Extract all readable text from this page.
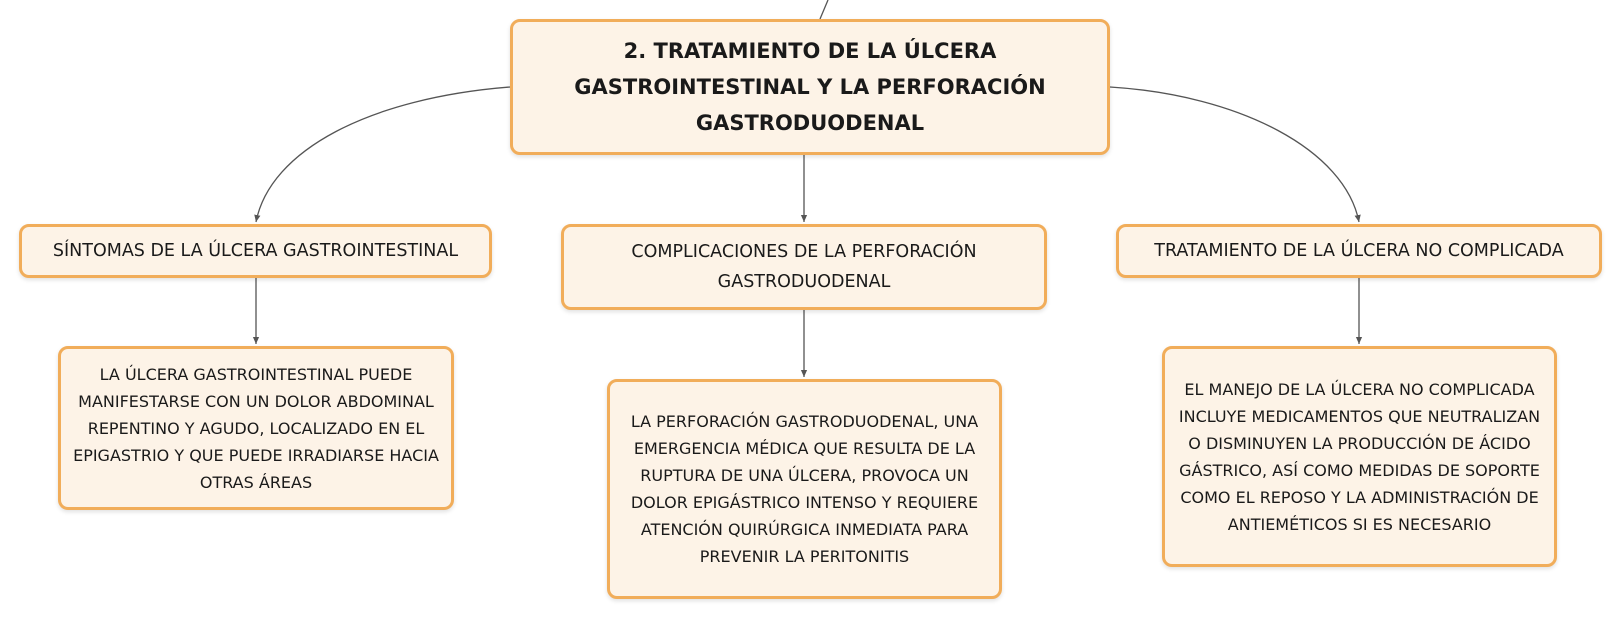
2. TRATAMIENTO DE LA ÚLCERA GASTROINTESTINAL Y LA PERFORACIÓN GASTRODUODENAL
SÍNTOMAS DE LA ÚLCERA GASTROINTESTINAL	COMPLICACIONES DE LA PERFORACIÓN GASTRODUODENAL
TRATAMIENTO DE LA ÚLCERA NO COMPLICADA
LA ÚLCERA GASTROINTESTINAL PUEDE MANIFESTARSE CON UN DOLOR ABDOMINAL REPENTINO Y AGUDO, LOCALIZADO EN EL EPIGASTRIO Y QUE PUEDE IRRADIARSE HACIA OTRAS ÁREAS
LA PERFORACIÓN GASTRODUODENAL, UNA EMERGENCIA MÉDICA QUE RESULTA DE LA RUPTURA DE UNA ÚLCERA, PROVOCA UN DOLOR EPIGÁSTRICO INTENSO Y REQUIERE ATENCIÓN QUIRÚRGICA INMEDIATA PARA PREVENIR LA PERITONITIS
EL MANEJO DE LA ÚLCERA NO COMPLICADA INCLUYE MEDICAMENTOS QUE NEUTRALIZAN O DISMINUYEN LA PRODUCCIÓN DE ÁCIDO GÁSTRICO, ASÍ COMO MEDIDAS DE SOPORTE COMO EL REPOSO Y LA ADMINISTRACIÓN DE ANTIEMÉTICOS SI ES NECESARIO
